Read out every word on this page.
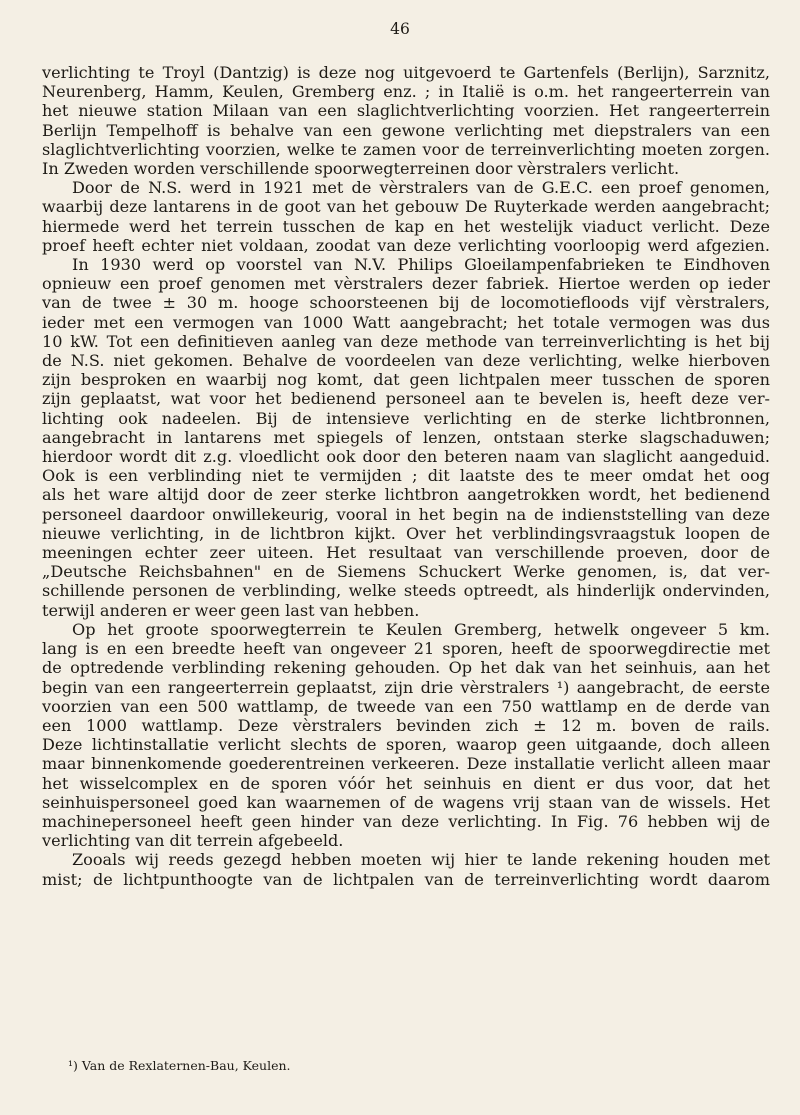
46
verlichting te Troyl (Dantzig) is deze nog uitgevoerd te Gartenfels (Berlijn), Sarznitz,
Neurenberg, Hamm, Keulen, Gremberg enz. ; in Italië is o.m. het rangeerterrein van
het nieuwe station Milaan van een slaglichtverlichting voorzien. Het rangeerterrein
Berlijn Tempelhoff is behalve van een gewone verlichting met diepstralers van een
slaglichtverlichting voorzien, welke te zamen voor de terreinverlichting moeten zorgen.
In Zweden worden verschillende spoorwegterreinen door vèrstralers verlicht.
Door de N.S. werd in 1921 met de vèrstralers van de G.E.C. een proef genomen,
waarbij deze lantarens in de goot van het gebouw De Ruyterkade werden aangebracht;
hiermede werd het terrein tusschen de kap en het westelijk viaduct verlicht. Deze
proef heeft echter niet voldaan, zoodat van deze verlichting voorloopig werd afgezien.
In 1930 werd op voorstel van N.V. Philips Gloeilampenfabrieken te Eindhoven
opnieuw een proef genomen met vèrstralers dezer fabriek. Hiertoe werden op ieder
van de twee ± 30 m. hooge schoorsteenen bij de locomotiefloods vijf vèrstralers,
ieder met een vermogen van 1000 Watt aangebracht; het totale vermogen was dus
10 kW. Tot een definitieven aanleg van deze methode van terreinverlichting is het bij
de N.S. niet gekomen. Behalve de voordeelen van deze verlichting, welke hierboven
zijn besproken en waarbij nog komt, dat geen lichtpalen meer tusschen de sporen
zijn geplaatst, wat voor het bedienend personeel aan te bevelen is, heeft deze ver-
lichting ook nadeelen. Bij de intensieve verlichting en de sterke lichtbronnen,
aangebracht in lantarens met spiegels of lenzen, ontstaan sterke slagschaduwen;
hierdoor wordt dit z.g. vloedlicht ook door den beteren naam van slaglicht aangeduid.
Ook is een verblinding niet te vermijden ; dit laatste des te meer omdat het oog
als het ware altijd door de zeer sterke lichtbron aangetrokken wordt, het bedienend
personeel daardoor onwillekeurig, vooral in het begin na de indienststelling van deze
nieuwe verlichting, in de lichtbron kijkt. Over het verblindingsvraagstuk loopen de
meeningen echter zeer uiteen. Het resultaat van verschillende proeven, door de
„Deutsche Reichsbahnen" en de Siemens Schuckert Werke genomen, is, dat ver-
schillende personen de verblinding, welke steeds optreedt, als hinderlijk ondervinden,
terwijl anderen er weer geen last van hebben.
Op het groote spoorwegterrein te Keulen Gremberg, hetwelk ongeveer 5 km.
lang is en een breedte heeft van ongeveer 21 sporen, heeft de spoorwegdirectie met
de optredende verblinding rekening gehouden. Op het dak van het seinhuis, aan het
begin van een rangeerterrein geplaatst, zijn drie vèrstralers ¹) aangebracht, de eerste
voorzien van een 500 wattlamp, de tweede van een 750 wattlamp en de derde van
een 1000 wattlamp. Deze vèrstralers bevinden zich ± 12 m. boven de rails.
Deze lichtinstallatie verlicht slechts de sporen, waarop geen uitgaande, doch alleen
maar binnenkomende goederentreinen verkeeren. Deze installatie verlicht alleen maar
het wisselcomplex en de sporen vóór het seinhuis en dient er dus voor, dat het
seinhuispersoneel goed kan waarnemen of de wagens vrij staan van de wissels. Het
machinepersoneel heeft geen hinder van deze verlichting. In Fig. 76 hebben wij de
verlichting van dit terrein afgebeeld.
Zooals wij reeds gezegd hebben moeten wij hier te lande rekening houden met
mist; de lichtpunthoogte van de lichtpalen van de terreinverlichting wordt daarom
¹) Van de Rexlaternen-Bau, Keulen.
